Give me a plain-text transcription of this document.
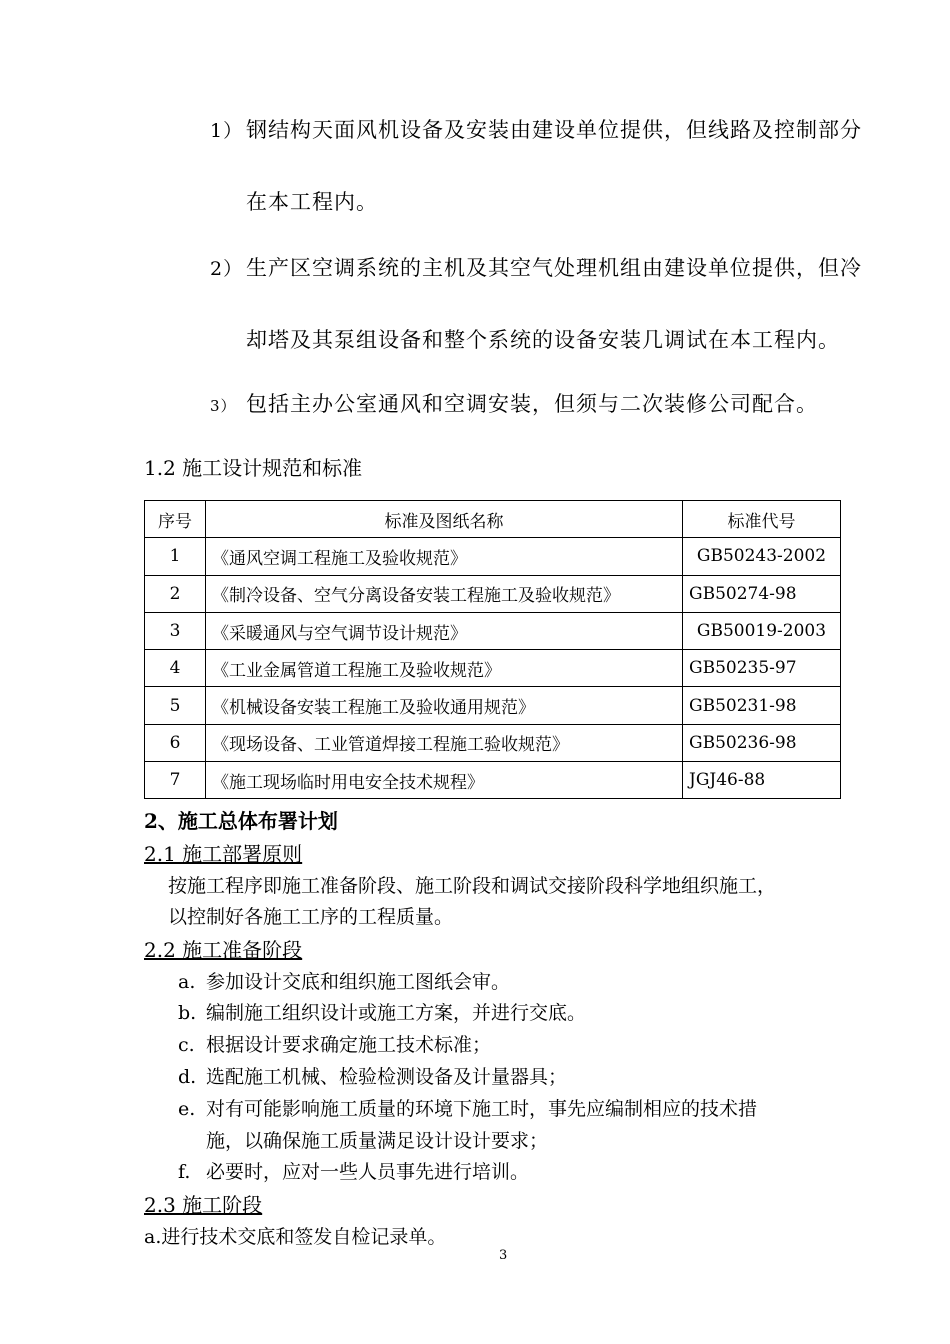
1） 钢结构天面风机设备及安装由建设单位提供，但线路及控制部分
在本工程内。
2） 生产区空调系统的主机及其空气处理机组由建设单位提供，但冷
却塔及其泵组设备和整个系统的设备安装几调试在本工程内。
3） 包括主办公室通风和空调安装，但须与二次装修公司配合。
1.2 施工设计规范和标准
序号	标准及图纸名称	标准代号
1	《通风空调工程施工及验收规范》	GB50243-2002
2	《制冷设备、空气分离设备安装工程施工及验收规范》	GB50274-98
3	《采暖通风与空气调节设计规范》	GB50019-2003
4	《工业金属管道工程施工及验收规范》	GB50235-97
5	《机械设备安装工程施工及验收通用规范》	GB50231-98
6	《现场设备、工业管道焊接工程施工验收规范》	GB50236-98
7	《施工现场临时用电安全技术规程》	JGJ46-88
2、施工总体布署计划
2.1 施工部署原则
按施工程序即施工准备阶段、施工阶段和调试交接阶段科学地组织施工，
以控制好各施工工序的工程质量。
2.2 施工准备阶段
a. 参加设计交底和组织施工图纸会审。
b. 编制施工组织设计或施工方案，并进行交底。
c. 根据设计要求确定施工技术标准；
d. 选配施工机械、检验检测设备及计量器具；
e. 对有可能影响施工质量的环境下施工时，事先应编制相应的技术措
施，以确保施工质量满足设计设计要求；
f. 必要时，应对一些人员事先进行培训。
2.3 施工阶段
a.进行技术交底和签发自检记录单。
3
